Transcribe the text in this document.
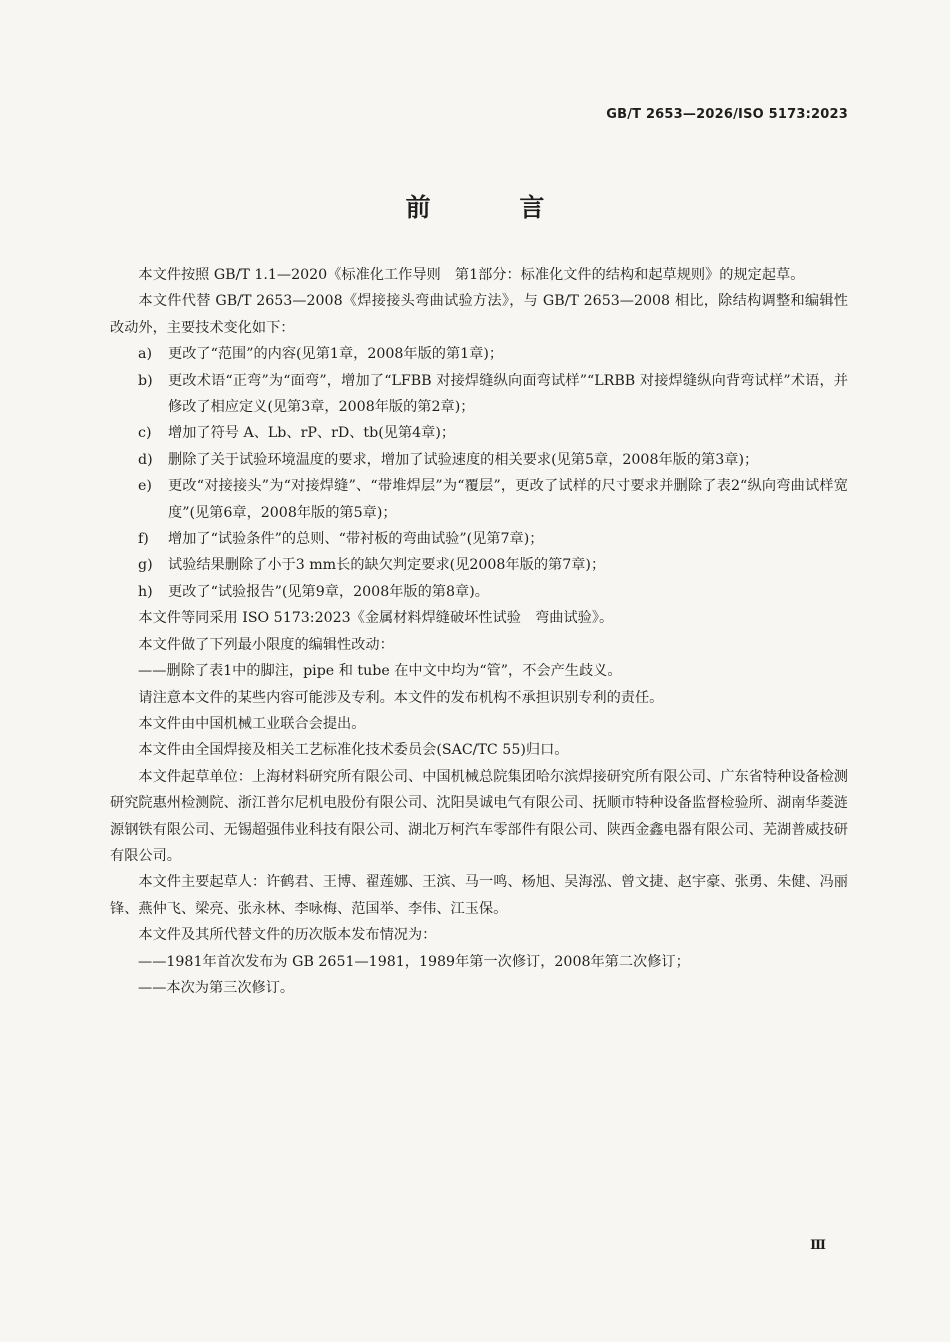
GB/T 2653—2026/ISO 5173:2023
前 言

本文件按照 GB/T 1.1—2020《标准化工作导则　第1部分：标准化文件的结构和起草规则》的规定起草。

本文件代替 GB/T 2653—2008《焊接接头弯曲试验方法》，与 GB/T 2653—2008 相比，除结构调整和编辑性改动外，主要技术变化如下：

a)	更改了“范围”的内容(见第1章，2008年版的第1章)；
b)	更改术语“正弯”为“面弯”，增加了“LFBB 对接焊缝纵向面弯试样”“LRBB 对接焊缝纵向背弯试样”术语，并修改了相应定义(见第3章，2008年版的第2章)；
c)	增加了符号 A、Lb、rP、rD、tb(见第4章)；
d)	删除了关于试验环境温度的要求，增加了试验速度的相关要求(见第5章，2008年版的第3章)；
e)	更改“对接接头”为“对接焊缝”、“带堆焊层”为“覆层”，更改了试样的尺寸要求并删除了表2“纵向弯曲试样宽度”(见第6章，2008年版的第5章)；
f)	增加了“试验条件”的总则、“带衬板的弯曲试验”(见第7章)；
g)	试验结果删除了小于3 mm长的缺欠判定要求(见2008年版的第7章)；
h)	更改了“试验报告”(见第9章，2008年版的第8章)。

本文件等同采用 ISO 5173:2023《金属材料焊缝破坏性试验　弯曲试验》。

本文件做了下列最小限度的编辑性改动：

——删除了表1中的脚注，pipe 和 tube 在中文中均为“管”，不会产生歧义。

请注意本文件的某些内容可能涉及专利。本文件的发布机构不承担识别专利的责任。

本文件由中国机械工业联合会提出。

本文件由全国焊接及相关工艺标准化技术委员会(SAC/TC 55)归口。

本文件起草单位：上海材料研究所有限公司、中国机械总院集团哈尔滨焊接研究所有限公司、广东省特种设备检测研究院惠州检测院、浙江普尔尼机电股份有限公司、沈阳昊诚电气有限公司、抚顺市特种设备监督检验所、湖南华菱涟源钢铁有限公司、无锡超强伟业科技有限公司、湖北万柯汽车零部件有限公司、陕西金鑫电器有限公司、芜湖普威技研有限公司。

本文件主要起草人：许鹤君、王博、翟莲娜、王滨、马一鸣、杨旭、吴海泓、曾文捷、赵宇豪、张勇、朱健、冯丽锋、燕仲飞、梁亮、张永林、李咏梅、范国举、李伟、江玉保。

本文件及其所代替文件的历次版本发布情况为：

——1981年首次发布为 GB 2651—1981，1989年第一次修订，2008年第二次修订；

——本次为第三次修订。

Ⅲ
